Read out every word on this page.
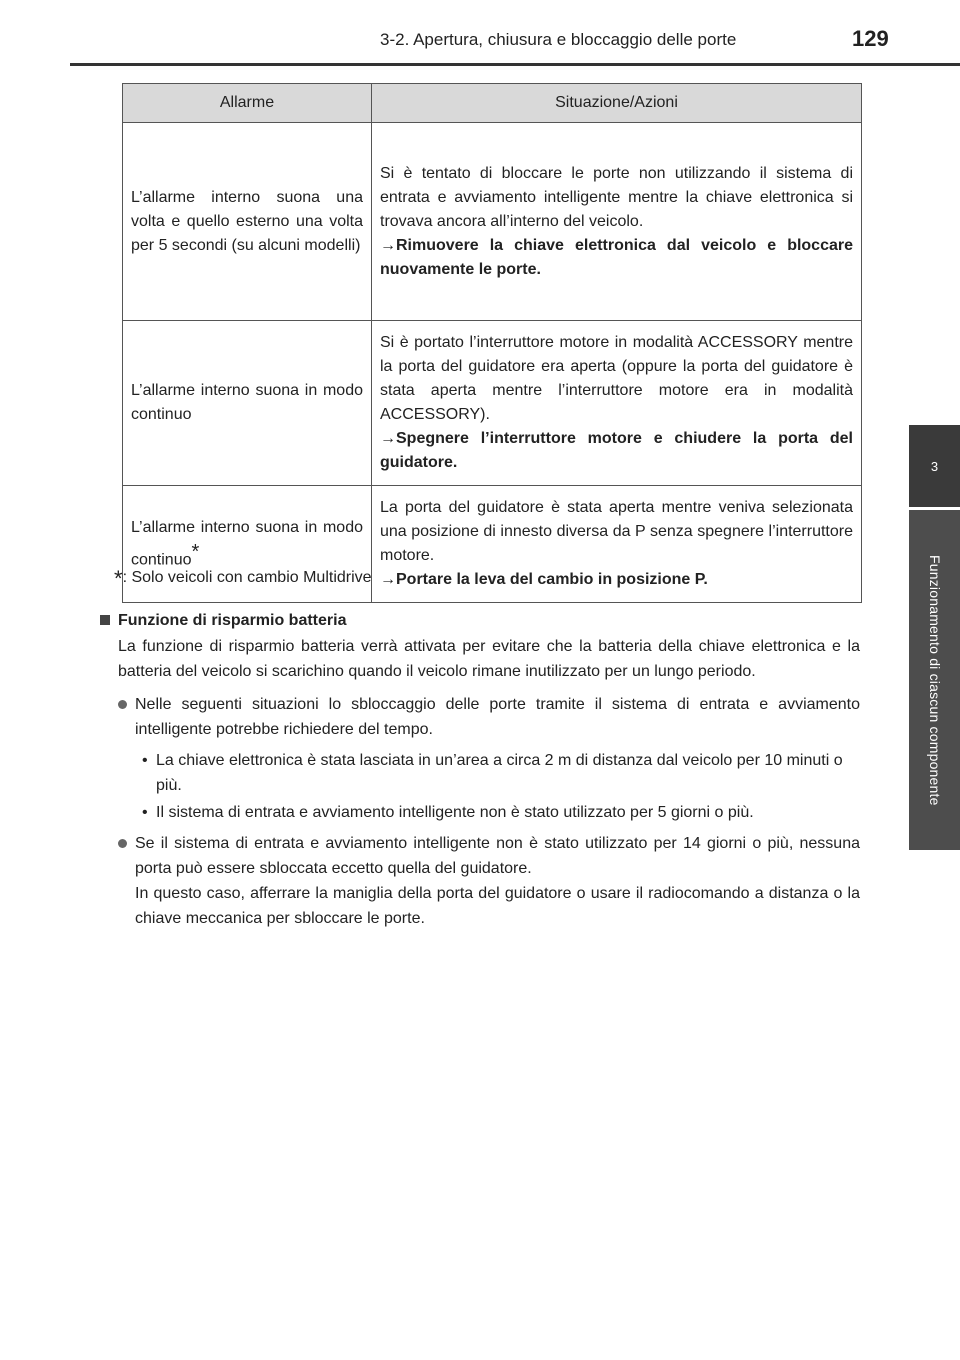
3-2. Apertura, chiusura e bloccaggio delle porte	129
3
Funzionamento di ciascun componente
Allarme	Situazione/Azioni
L’allarme interno suona una volta e quello esterno una volta per 5 secondi (su alcuni modelli)	Si è tentato di bloccare le porte non utilizzando il sistema di entrata e avviamento intelligente mentre la chiave elettronica si trovava ancora all’interno del veicolo.
→Rimuovere la chiave elettronica dal veicolo e bloccare nuovamente le porte.

L’allarme interno suona in modo continuo	Si è portato l’interruttore motore in modalità ACCESSORY mentre la porta del guidatore era aperta (oppure la porta del guidatore è stata aperta mentre l’interruttore motore era in modalità ACCESSORY).
→Spegnere l’interruttore motore e chiudere la porta del guidatore.

L’allarme interno suona in modo continuo*	La porta del guidatore è stata aperta mentre veniva selezionata una posizione di innesto diversa da P senza spegnere l’interruttore motore.
→Portare la leva del cambio in posizione P.
*: Solo veicoli con cambio Multidrive
Funzione di risparmio batteria
La funzione di risparmio batteria verrà attivata per evitare che la batteria della chiave elettronica e la batteria del veicolo si scarichino quando il veicolo rimane inutilizzato per un lungo periodo.
Nelle seguenti situazioni lo sbloccaggio delle porte tramite il sistema di entrata e avviamento intelligente potrebbe richiedere del tempo.
• La chiave elettronica è stata lasciata in un’area a circa 2 m di distanza dal veicolo per 10 minuti o più.
• Il sistema di entrata e avviamento intelligente non è stato utilizzato per 5 giorni o più.
Se il sistema di entrata e avviamento intelligente non è stato utilizzato per 14 giorni o più, nessuna porta può essere sbloccata eccetto quella del guidatore.
In questo caso, afferrare la maniglia della porta del guidatore o usare il radiocomando a distanza o la chiave meccanica per sbloccare le porte.
